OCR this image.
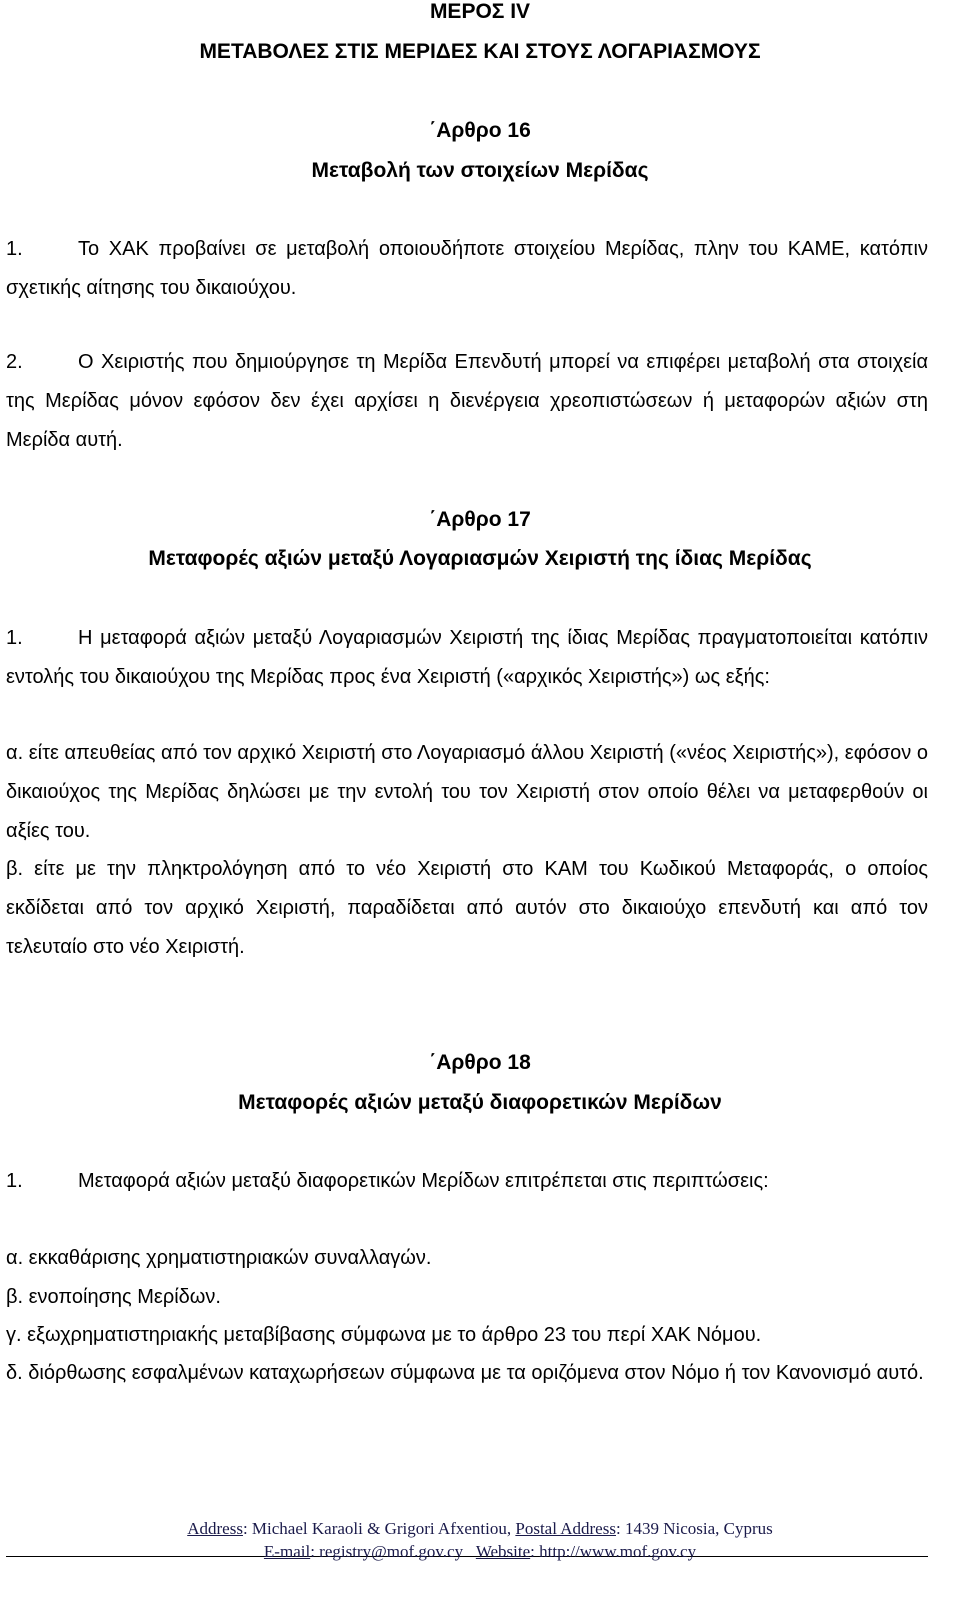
ΜΕΡΟΣ IV

ΜΕΤΑΒΟΛΕΣ ΣΤΙΣ ΜΕΡΙΔΕΣ ΚΑΙ ΣΤΟΥΣ ΛΟΓΑΡΙΑΣΜΟΥΣ

΄Αρθρο 16

Μεταβολή των στοιχείων Μερίδας

1.	Το ΧΑΚ προβαίνει σε μεταβολή οποιουδήποτε στοιχείου Μερίδας, πλην του ΚΑΜΕ, κατόπιν σχετικής αίτησης του δικαιούχου.

2.	Ο Χειριστής που δημιούργησε τη Μερίδα Επενδυτή μπορεί να επιφέρει μεταβολή στα στοιχεία της Μερίδας μόνον εφόσον δεν έχει αρχίσει η διενέργεια χρεοπιστώσεων ή μεταφορών αξιών στη Μερίδα αυτή.

΄Αρθρο 17

Μεταφορές αξιών μεταξύ Λογαριασμών Χειριστή της ίδιας Μερίδας

1.	Η μεταφορά αξιών μεταξύ Λογαριασμών Χειριστή της ίδιας Μερίδας πραγματοποιείται κατόπιν εντολής του δικαιούχου της Μερίδας προς ένα Χειριστή («αρχικός Χειριστής») ως εξής:

α. είτε απευθείας από τον αρχικό Χειριστή στο Λογαριασμό άλλου Χειριστή («νέος Χειριστής»), εφόσον ο δικαιούχος της Μερίδας δηλώσει με την εντολή του τον Χειριστή στον οποίο θέλει να μεταφερθούν οι αξίες του.

β. είτε με την πληκτρολόγηση από το νέο Χειριστή στο ΚΑΜ του Κωδικού Μεταφοράς, ο οποίος εκδίδεται από τον αρχικό Χειριστή, παραδίδεται από αυτόν στο δικαιούχο επενδυτή και από τον τελευταίο στο νέο Χειριστή.

΄Αρθρο 18

Μεταφορές αξιών μεταξύ διαφορετικών Μερίδων

1.	Μεταφορά αξιών μεταξύ διαφορετικών Μερίδων επιτρέπεται στις περιπτώσεις:

α. εκκαθάρισης χρηματιστηριακών συναλλαγών.

β. ενοποίησης Μερίδων.

γ. εξωχρηματιστηριακής μεταβίβασης σύμφωνα με το άρθρο 23 του περί ΧΑΚ Νόμου.

δ. διόρθωσης εσφαλμένων καταχωρήσεων σύμφωνα με τα οριζόμενα στον Νόμο ή τον Κανονισμό αυτό.

Address: Michael Karaoli & Grigori Afxentiou, Postal Address: 1439 Nicosia, Cyprus

E-mail: registry@mof.gov.cy Website: http://www.mof.gov.cy
